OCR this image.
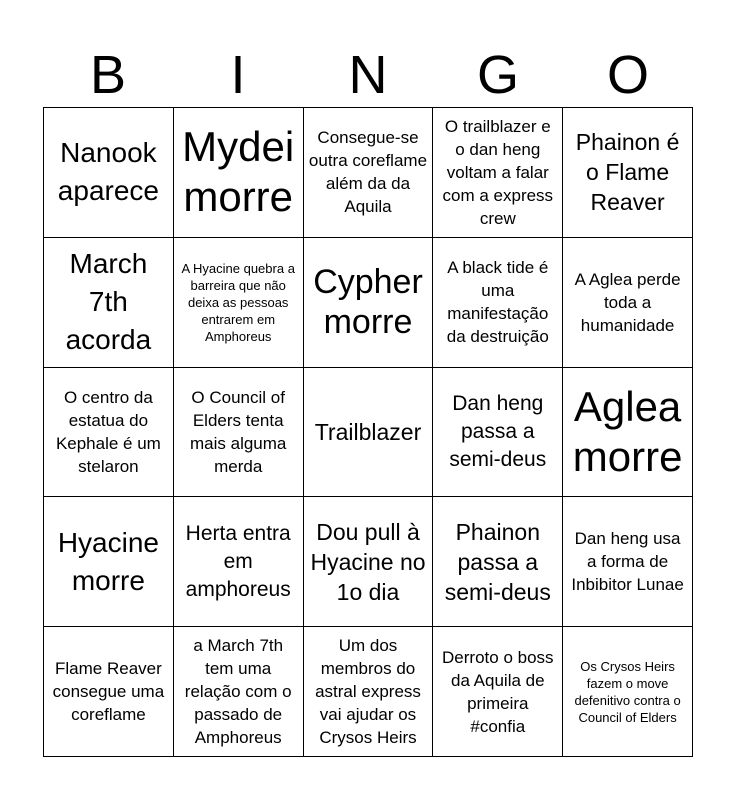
B	I	N	G	O
Nanook aparece
Mydei morre
Consegue-se outra coreflame além da da Aquila
O trailblazer e o dan heng voltam a falar com a express crew
Phainon é o Flame Reaver
March 7th acorda
A Hyacine quebra a barreira que não deixa as pessoas entrarem em Amphoreus
Cypher morre
A black tide é uma manifestação da destruição
A Aglea perde toda a humanidade
O centro da estatua do Kephale é um stelaron
O Council of Elders tenta mais alguma merda
Trailblazer
Dan heng passa a semi-deus
Aglea morre
Hyacine morre
Herta entra em amphoreus
Dou pull à Hyacine no 1o dia
Phainon passa a semi-deus
Dan heng usa a forma de Inbibitor Lunae
Flame Reaver consegue uma coreflame
a March 7th tem uma relação com o passado de Amphoreus
Um dos membros do astral express vai ajudar os Crysos Heirs
Derroto o boss da Aquila de primeira #confia
Os Crysos Heirs fazem o move defenitivo contra o Council of Elders
